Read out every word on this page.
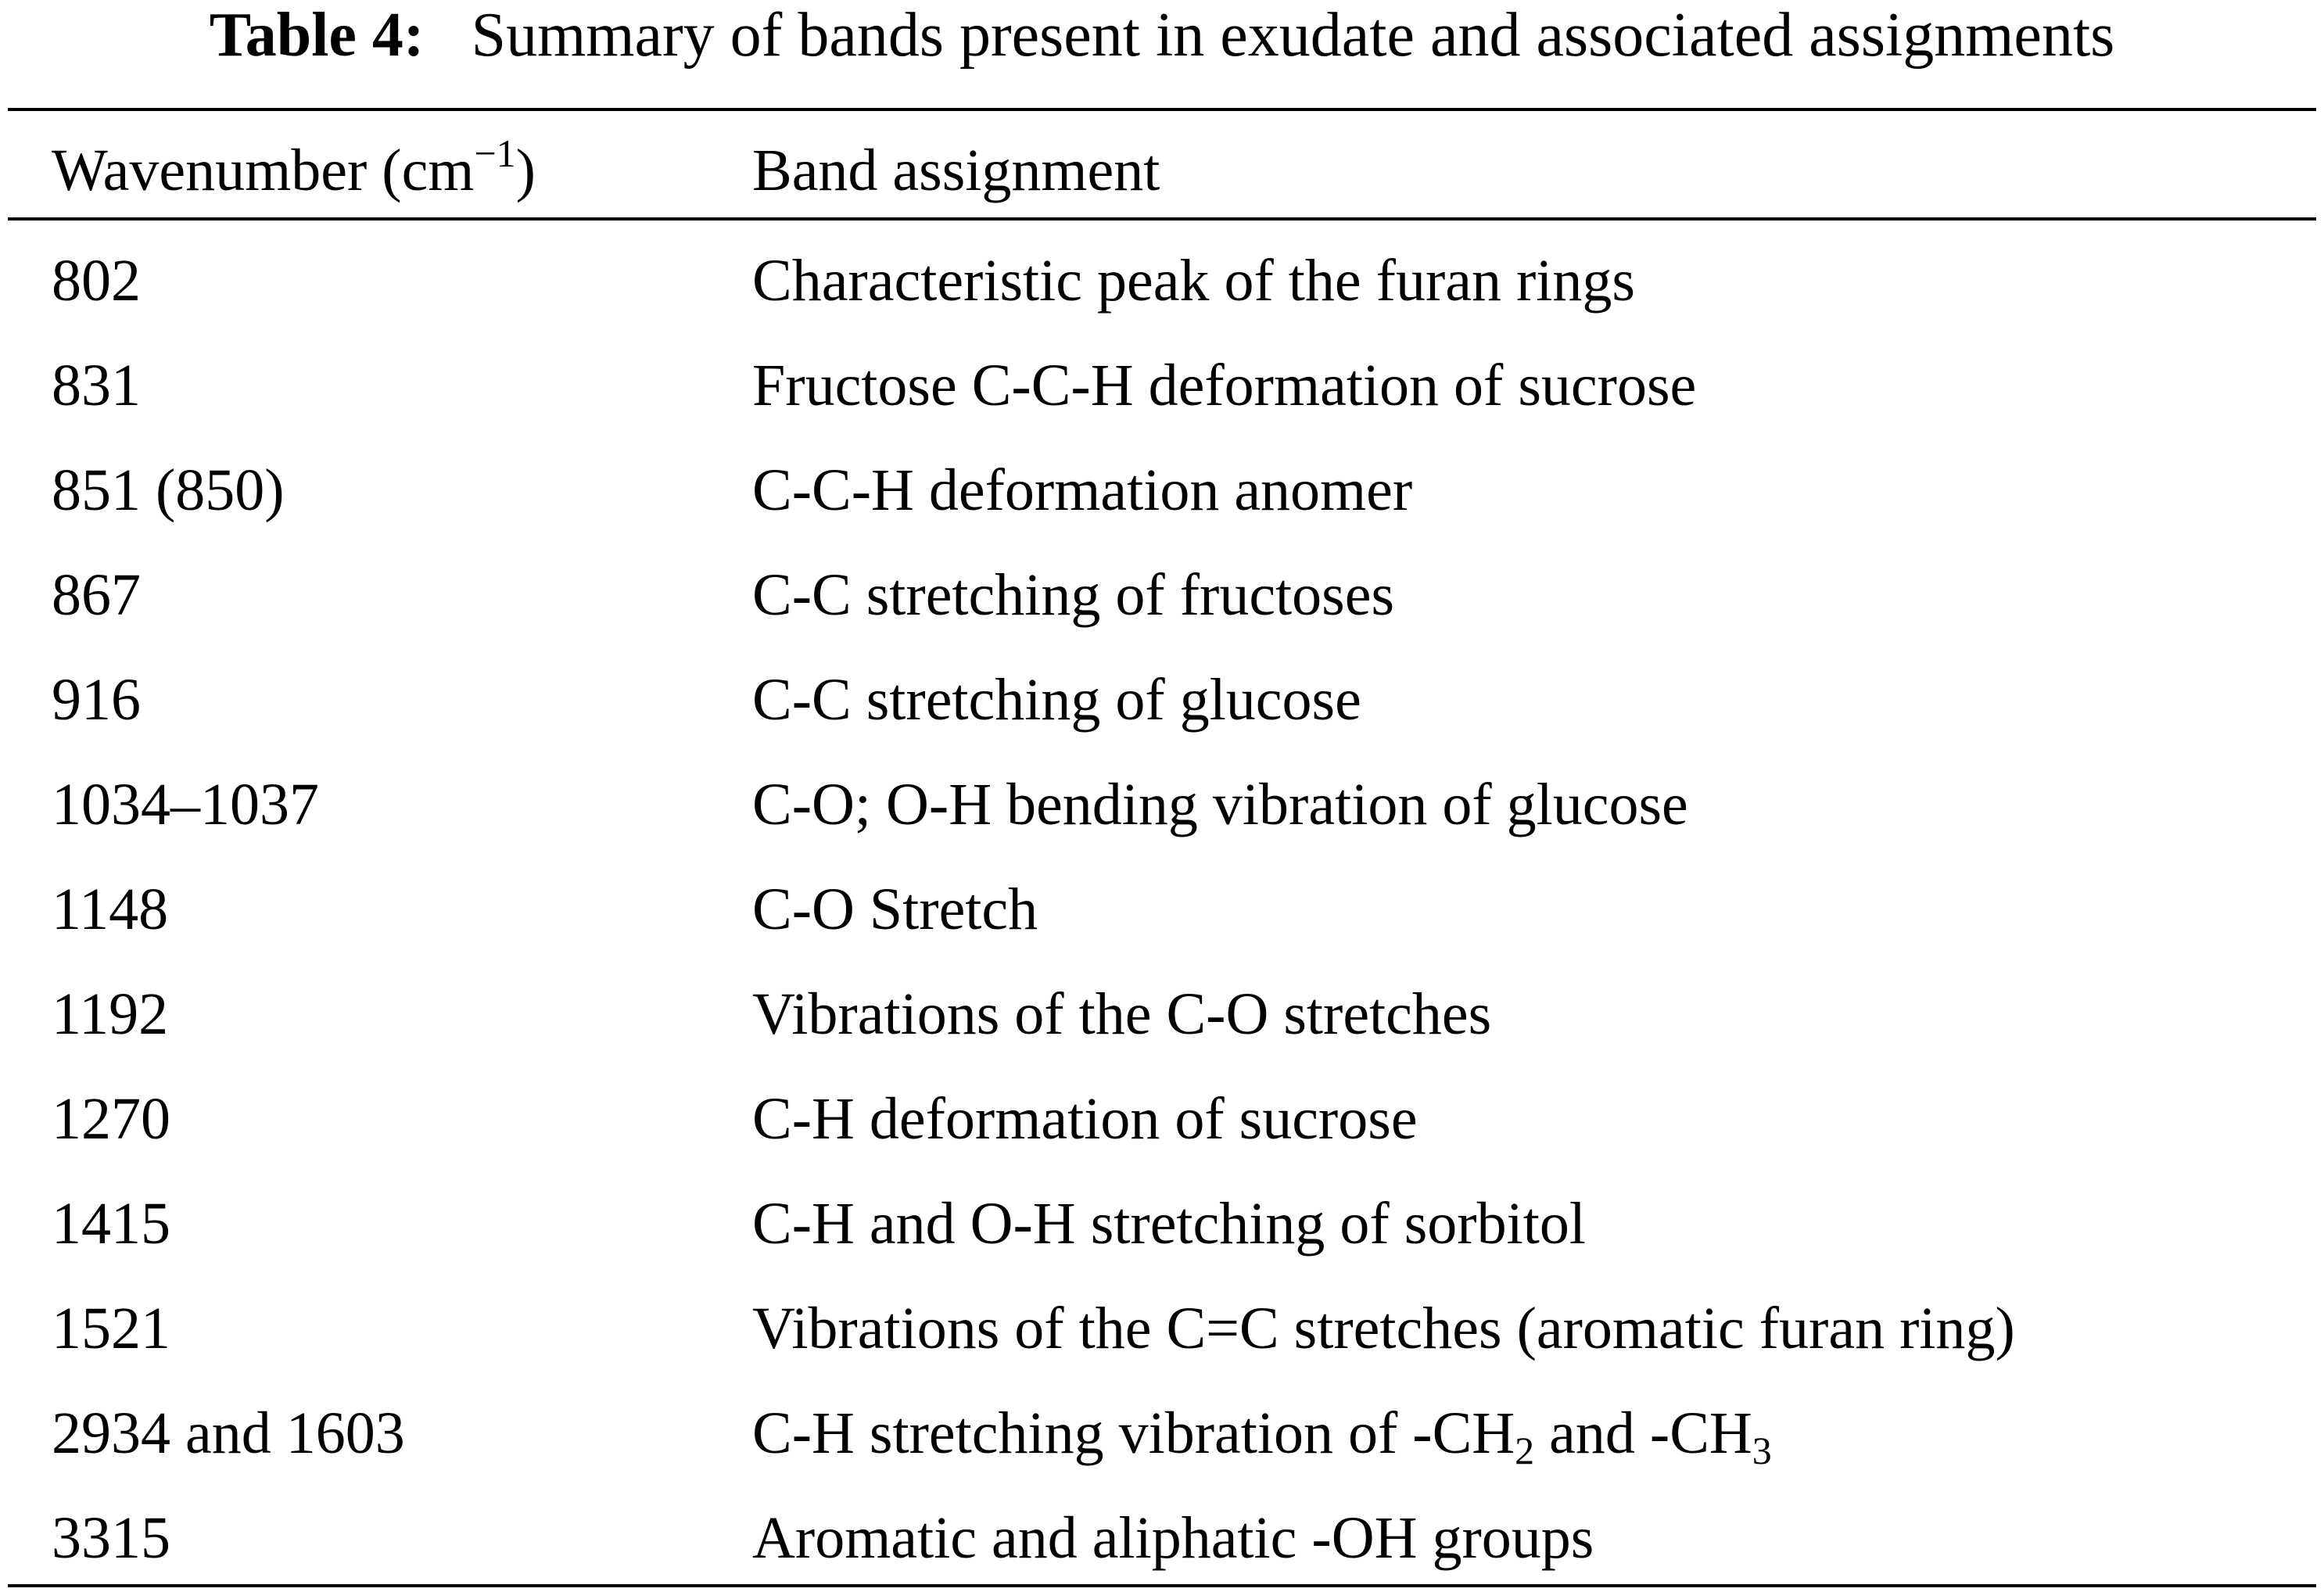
Table 4: Summary of bands present in exudate and associated assignments
Wavenumber $(cm^{-1})$	Band assignment
802	Characteristic peak of the furan rings
831	Fructose C-C-H deformation of sucrose
851 (850)	C-C-H deformation anomer
867	C-C stretching of fructoses
916	C-C stretching of glucose
1034–1037	C-O; O-H bending vibration of glucose
1148	C-O Stretch
1192	Vibrations of the C-O stretches
1270	C-H deformation of sucrose
1415	C-H and O-H stretching of sorbitol
1521	Vibrations of the C=C stretches (aromatic furan ring)
2934 and 1603	C-H stretching vibration of $-CH_2$ and $-CH_3$
3315	Aromatic and aliphatic -OH groups
